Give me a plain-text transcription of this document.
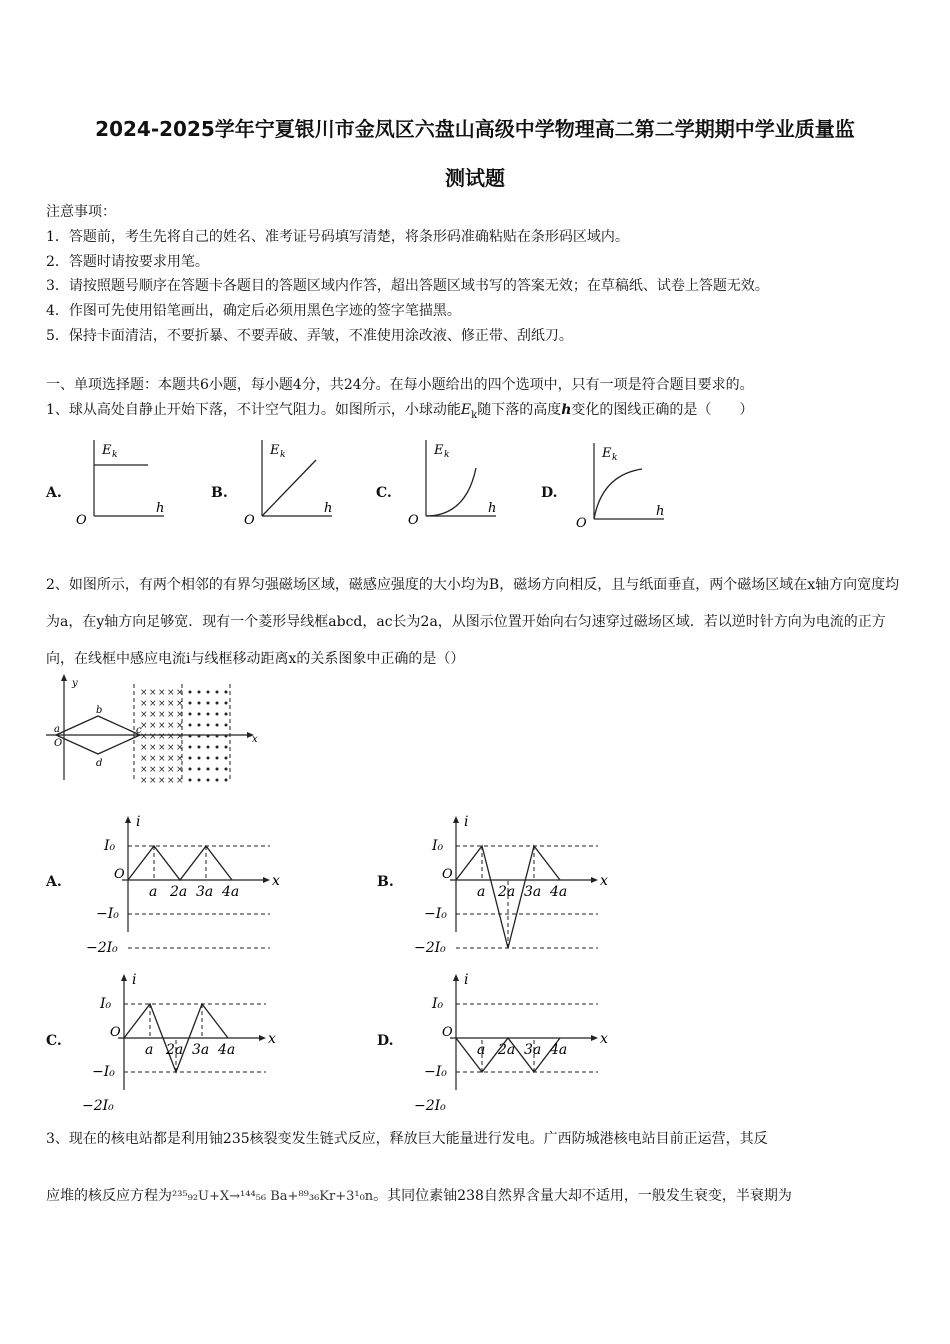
2024-2025学年宁夏银川市金凤区六盘山高级中学物理高二第二学期期中学业质量监
测试题
注意事项：
1．答题前，考生先将自己的姓名、准考证号码填写清楚，将条形码准确粘贴在条形码区域内。
2．答题时请按要求用笔。
3．请按照题号顺序在答题卡各题目的答题区域内作答，超出答题区域书写的答案无效；在草稿纸、试卷上答题无效。
4．作图可先使用铅笔画出，确定后必须用黑色字迹的签字笔描黑。
5．保持卡面清洁，不要折暴、不要弄破、弄皱，不准使用涂改液、修正带、刮纸刀。
一、单项选择题：本题共6小题，每小题4分，共24分。在每小题给出的四个选项中，只有一项是符合题目要求的。
1、球从高处自静止开始下落，不计空气阻力。如图所示，小球动能$E_k$随下落的高度h变化的图线正确的是（　　）
A.	B.	C.	D.
E k
h
O
E k
h
O
E k
h
O
E k
h
O
2、如图所示，有两个相邻的有界匀强磁场区域，磁感应强度的大小均为B，磁场方向相反，且与纸面垂直，两个磁场区域在x轴方向宽度均为a，在y轴方向足够宽．现有一个菱形导线框abcd，ac长为2a，从图示位置开始向右匀速穿过磁场区域．若以逆时针方向为电流的正方向，在线框中感应电流i与线框移动距离x的关系图象中正确的是（）
× × × × ×
× × × × ×
× × × × ×
× × × × ×
× × × × ×
× × × × ×
× × × × ×
× × × × ×
× × × × ×
y
x
a
b
c
d
O
A.	B.
C.	D.
i
x
I₀
−I₀
−2I₀
O
a 2a 3a 4a
i
x
I₀
−I₀
−2I₀
O
a 2a 3a 4a
i
x
I₀
−I₀
−2I₀
O
a 2a 3a 4a
i
x
I₀
−I₀
−2I₀
O
a 2a 3a 4a
3、现在的核电站都是利用铀235核裂变发生链式反应，释放巨大能量进行发电。广西防城港核电站目前正运营，其反
应堆的核反应方程为²³⁵₉₂U+X→¹⁴⁴₅₆ Ba+⁸⁹₃₆Kr+3¹₀n。其同位素铀238自然界含量大却不适用，一般发生衰变，半衰期为
